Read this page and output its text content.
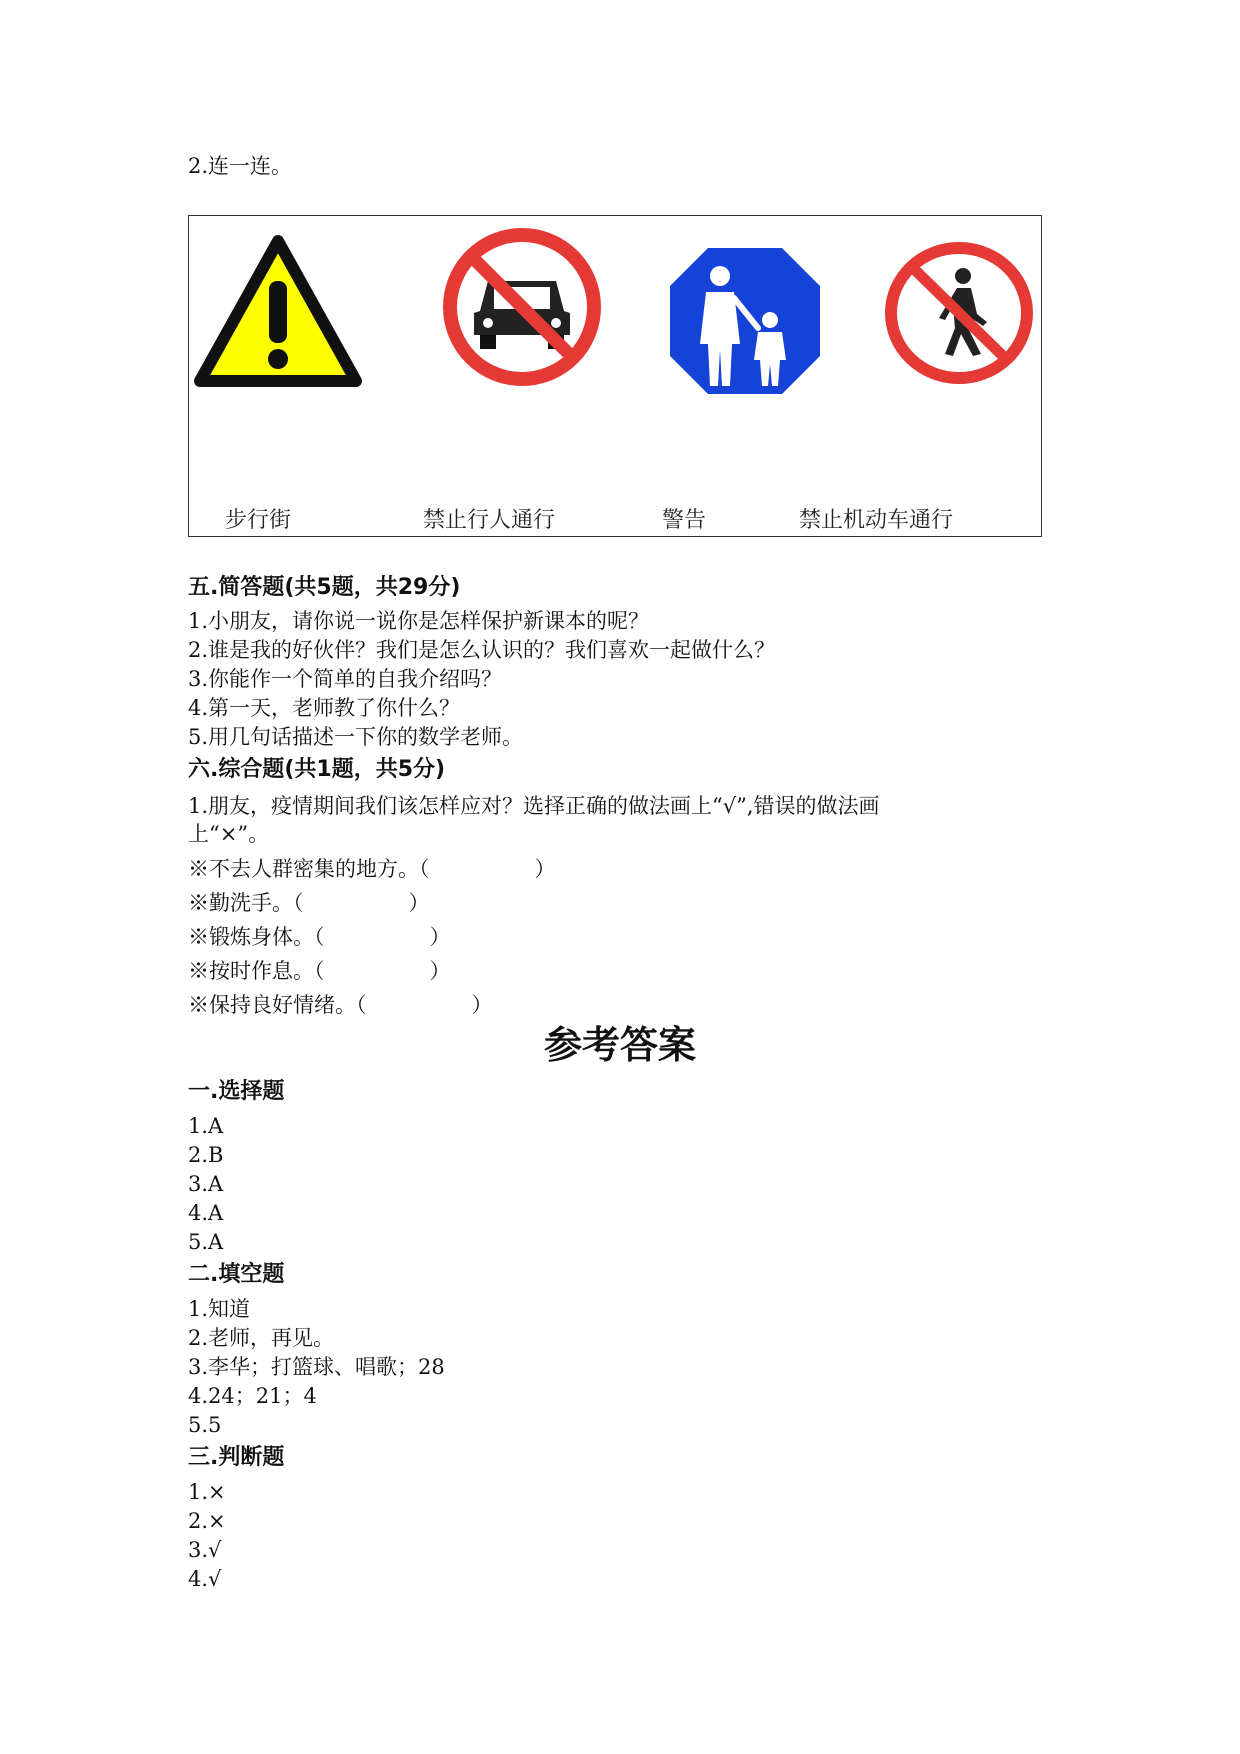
2.连一连。
步行街	禁止行人通行	警告	禁止机动车通行
五.简答题(共5题，共29分)
1.小朋友，请你说一说你是怎样保护新课本的呢？
2.谁是我的好伙伴？我们是怎么认识的？我们喜欢一起做什么？
3.你能作一个简单的自我介绍吗？
4.第一天，老师教了你什么？
5.用几句话描述一下你的数学老师。
六.综合题(共1题，共5分)
1.朋友，疫情期间我们该怎样应对？选择正确的做法画上“√”,错误的做法画
上“×”。
※不去人群密集的地方。（　　　　　）
※勤洗手。（　　　　　）
※锻炼身体。（　　　　　）
※按时作息。（　　　　　）
※保持良好情绪。（　　　　　）
参考答案
一.选择题
1.A
2.B
3.A
4.A
5.A
二.填空题
1.知道
2.老师，再见。
3.李华；打篮球、唱歌；28
4.24；21；4
5.5
三.判断题
1.×
2.×
3.√
4.√
